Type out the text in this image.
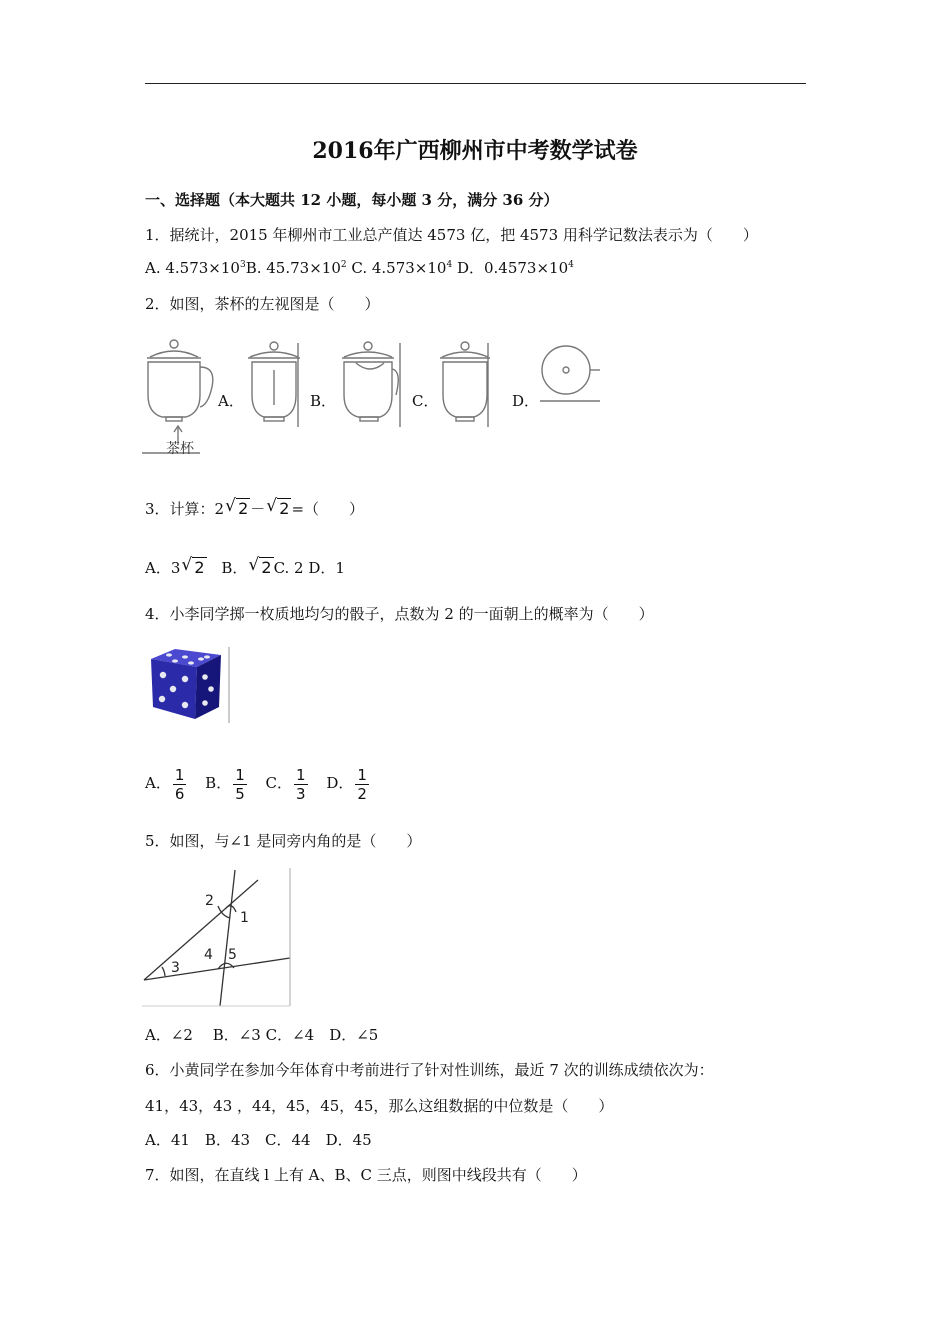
2016年广西柳州市中考数学试卷
一、选择题（本大题共 12 小题，每小题 3 分，满分 36 分）
1．据统计，2015 年柳州市工业总产值达 4573 亿，把 4573 用科学记数法表示为（　　）
A. $4.573\times 10^3B$. $45.73\times 10^2$ C. $4.573\times 10^4$ D．$0.4573\times 10^4$
2．如图，茶杯的左视图是（　　）
茶杯
A．	B．	C．	D．
3．计算：2 √ 2 － √ 2 =（　　）
A．3 √ 2 B． √ 2 C. 2 D．1
4．小李同学掷一枚质地均匀的骰子，点数为 2 的一面朝上的概率为（　　）
A． $\frac{1}{6}$ B． $\frac{1}{5}$ C． $\frac{1}{3}$ D． $\frac{1}{2}$
5．如图，与∠1 是同旁内角的是（　　）
1
2
3
4 5
A．∠2　 B．∠3 C．∠4　D．∠5
6．小黄同学在参加今年体育中考前进行了针对性训练，最近 7 次的训练成绩依次为：
41，43，43 ，44，45，45，45，那么这组数据的中位数是（　　）
A．41　B．43　C．44　D．45
7．如图，在直线 l 上有 A、B、C 三点，则图中线段共有（　　）
